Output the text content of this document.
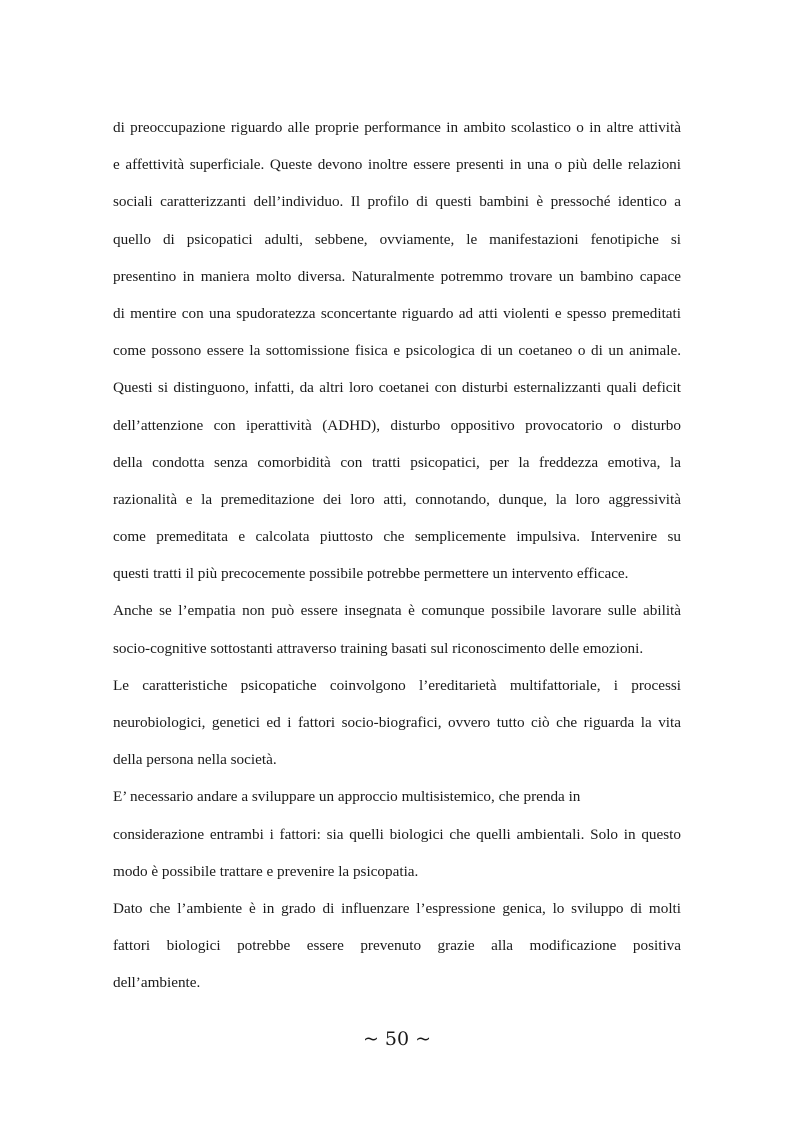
di preoccupazione riguardo alle proprie performance in ambito scolastico o in altre attività
e affettività superficiale. Queste devono inoltre essere presenti in una o più delle relazioni
sociali caratterizzanti dell’individuo. Il profilo di questi bambini è pressoché identico a
quello di psicopatici adulti, sebbene, ovviamente, le manifestazioni fenotipiche si
presentino in maniera molto diversa. Naturalmente potremmo trovare un bambino capace
di mentire con una spudoratezza sconcertante riguardo ad atti violenti e spesso premeditati
come possono essere la sottomissione fisica e psicologica di un coetaneo o di un animale.
Questi si distinguono, infatti, da altri loro coetanei con disturbi esternalizzanti quali deficit
dell’attenzione con iperattività (ADHD), disturbo oppositivo provocatorio o disturbo
della condotta senza comorbidità con tratti psicopatici, per la freddezza emotiva, la
razionalità e la premeditazione dei loro atti, connotando, dunque, la loro aggressività
come premeditata e calcolata piuttosto che semplicemente impulsiva. Intervenire su
questi tratti il più precocemente possibile potrebbe permettere un intervento efficace.
Anche se l’empatia non può essere insegnata è comunque possibile lavorare sulle abilità
socio-cognitive sottostanti attraverso training basati sul riconoscimento delle emozioni.
Le caratteristiche psicopatiche coinvolgono l’ereditarietà multifattoriale, i processi
neurobiologici, genetici ed i fattori socio-biografici, ovvero tutto ciò che riguarda la vita
della persona nella società.
E’ necessario andare a sviluppare un approccio multisistemico, che prenda in
considerazione entrambi i fattori: sia quelli biologici che quelli ambientali. Solo in questo
modo è possibile trattare e prevenire la psicopatia.
Dato che l’ambiente è in grado di influenzare l’espressione genica, lo sviluppo di molti
fattori biologici potrebbe essere prevenuto grazie alla modificazione positiva
dell’ambiente.
~ 50 ~
